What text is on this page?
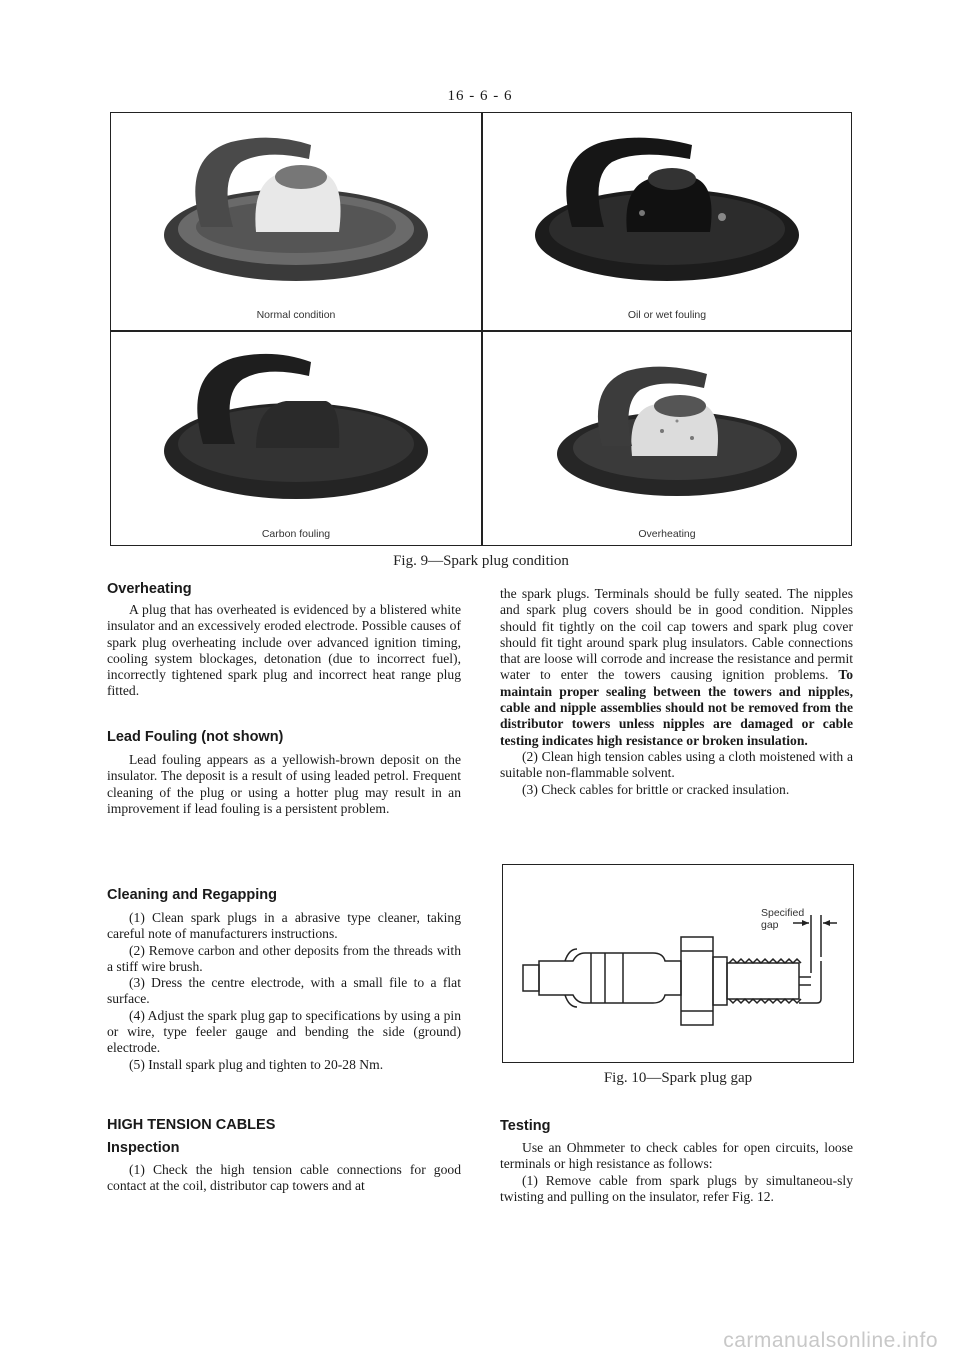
16 - 6 - 6
Normal condition	Oil or wet fouling
Carbon fouling	Overheating
Fig. 9—Spark plug condition
Overheating

A plug that has overheated is evidenced by a blistered white insulator and an excessively eroded electrode. Possible causes of spark plug overheating include over advanced ignition timing, cooling system blockages, detonation (due to incorrect fuel), incorrectly tightened spark plug and incorrect heat range plug fitted.

Lead Fouling (not shown)

Lead fouling appears as a yellowish-brown deposit on the insulator. The deposit is a result of using leaded petrol. Frequent cleaning of the plug or using a hotter plug may result in an improvement if lead fouling is a persistent problem.

Cleaning and Regapping

(1) Clean spark plugs in a abrasive type cleaner, taking careful note of manufacturers instructions.

(2) Remove carbon and other deposits from the threads with a stiff wire brush.

(3) Dress the centre electrode, with a small file to a flat surface.

(4) Adjust the spark plug gap to specifications by using a pin or wire, type feeler gauge and bending the side (ground) electrode.

(5) Install spark plug and tighten to 20-28 Nm.

HIGH TENSION CABLES
Inspection

(1) Check the high tension cable connections for good contact at the coil, distributor cap towers and at

the spark plugs. Terminals should be fully seated. The nipples and spark plug covers should be in good condition. Nipples should fit tightly on the coil cap towers and spark plug cover should fit tight around spark plug insulators. Cable connections that are loose will corrode and increase the resistance and permit water to enter the towers causing ignition problems. To maintain proper sealing between the towers and nipples, cable and nipple assemblies should not be removed from the distributor towers unless nipples are damaged or cable testing indicates high resistance or broken insulation.

(2) Clean high tension cables using a cloth moistened with a suitable non-flammable solvent.

(3) Check cables for brittle or cracked insulation.

Specified gap
Fig. 10—Spark plug gap
Testing

Use an Ohmmeter to check cables for open circuits, loose terminals or high resistance as follows:

(1) Remove cable from spark plugs by simultaneou-sly twisting and pulling on the insulator, refer Fig. 12.

carmanualsonline.info
